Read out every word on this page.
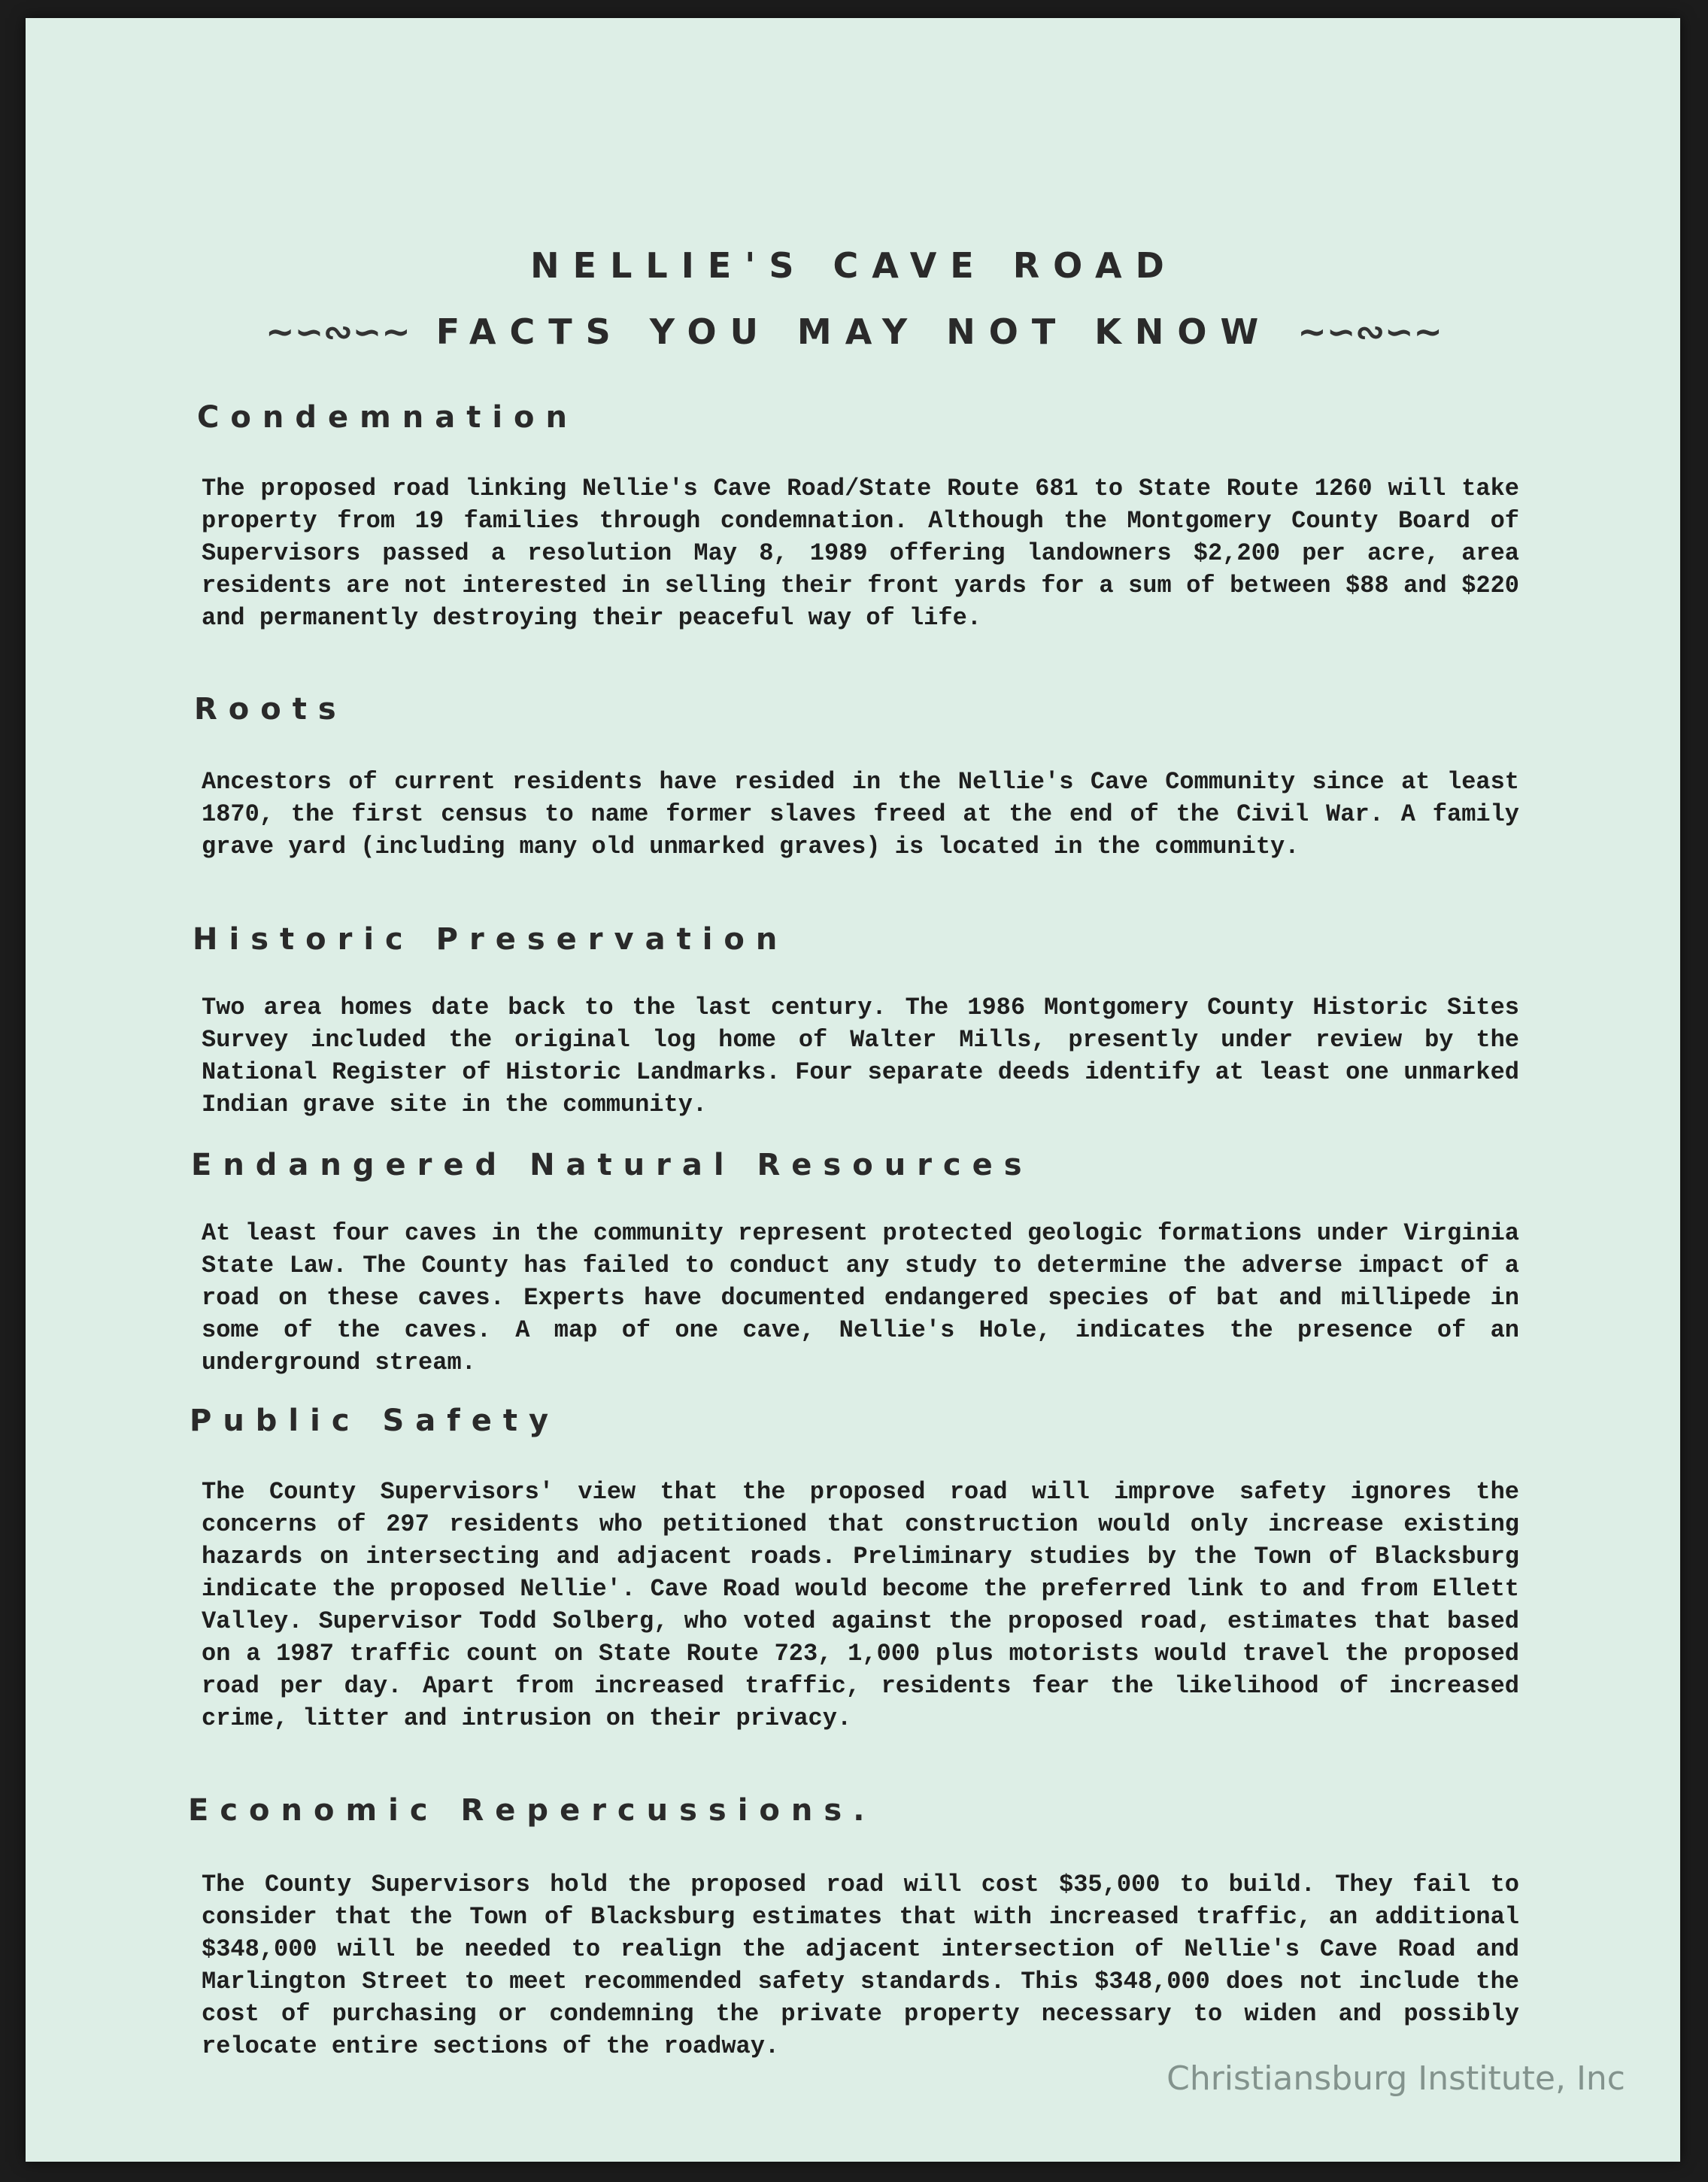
NELLIE'S CAVE ROAD
~∽∾∽~ FACTS YOU MAY NOT KNOW ~∽∾∽~
Condemnation
The proposed road linking Nellie's Cave Road/State Route 681 to State Route 1260 will take property from 19 families through condemnation. Although the Montgomery County Board of Supervisors passed a resolution May 8, 1989 offering landowners $2,200 per acre, area residents are not interested in selling their front yards for a sum of between $88 and $220 and permanently destroying their peaceful way of life.
Roots
Ancestors of current residents have resided in the Nellie's Cave Community since at least 1870, the first census to name former slaves freed at the end of the Civil War. A family grave yard (including many old unmarked graves) is located in the community.
Historic Preservation
Two area homes date back to the last century. The 1986 Montgomery County Historic Sites Survey included the original log home of Walter Mills, presently under review by the National Register of Historic Landmarks. Four separate deeds identify at least one unmarked Indian grave site in the community.
Endangered Natural Resources
At least four caves in the community represent protected geologic formations under Virginia State Law. The County has failed to conduct any study to determine the adverse impact of a road on these caves. Experts have documented endangered species of bat and millipede in some of the caves. A map of one cave, Nellie's Hole, indicates the presence of an underground stream.
Public Safety
The County Supervisors' view that the proposed road will improve safety ignores the concerns of 297 residents who petitioned that construction would only increase existing hazards on intersecting and adjacent roads. Preliminary studies by the Town of Blacksburg indicate the proposed Nellie'. Cave Road would become the preferred link to and from Ellett Valley. Supervisor Todd Solberg, who voted against the proposed road, estimates that based on a 1987 traffic count on State Route 723, 1,000 plus motorists would travel the proposed road per day. Apart from increased traffic, residents fear the likelihood of increased crime, litter and intrusion on their privacy.
Economic Repercussions.
The County Supervisors hold the proposed road will cost $35,000 to build. They fail to consider that the Town of Blacksburg estimates that with increased traffic, an additional $348,000 will be needed to realign the adjacent intersection of Nellie's Cave Road and Marlington Street to meet recommended safety standards. This $348,000 does not include the cost of purchasing or condemning the private property necessary to widen and possibly relocate entire sections of the roadway.
Christiansburg Institute, Inc
